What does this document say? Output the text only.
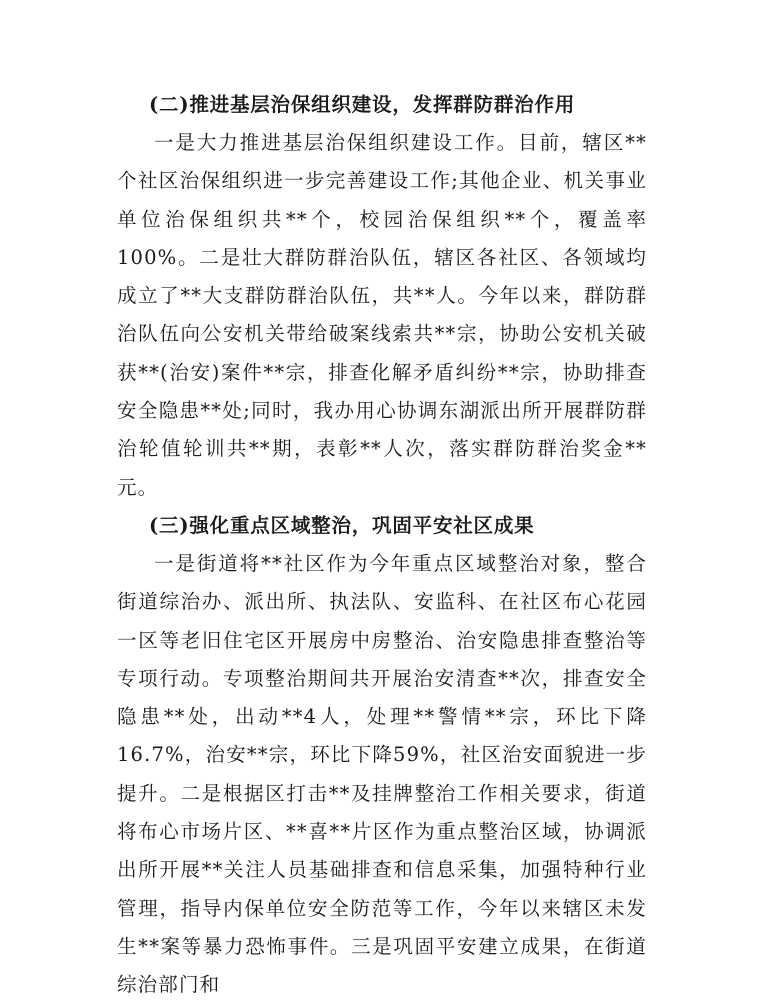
(二)推进基层治保组织建设，发挥群防群治作用

一是大力推进基层治保组织建设工作。目前，辖区**个社区治保组织进一步完善建设工作;其他企业、机关事业单位治保组织共**个，校园治保组织**个，覆盖率100%。二是壮大群防群治队伍，辖区各社区、各领域均成立了**大支群防群治队伍，共**人。今年以来，群防群治队伍向公安机关带给破案线索共**宗，协助公安机关破获**(治安)案件**宗，排查化解矛盾纠纷**宗，协助排查安全隐患**处;同时，我办用心协调东湖派出所开展群防群治轮值轮训共**期，表彰**人次，落实群防群治奖金**元。

(三)强化重点区域整治，巩固平安社区成果

一是街道将**社区作为今年重点区域整治对象，整合街道综治办、派出所、执法队、安监科、在社区布心花园一区等老旧住宅区开展房中房整治、治安隐患排查整治等专项行动。专项整治期间共开展治安清查**次，排查安全隐患**处，出动**4人，处理**警情**宗，环比下降16.7%，治安**宗，环比下降59%，社区治安面貌进一步提升。二是根据区打击**及挂牌整治工作相关要求，街道将布心市场片区、**喜**片区作为重点整治区域，协调派出所开展**关注人员基础排查和信息采集，加强特种行业管理，指导内保单位安全防范等工作，今年以来辖区未发生**案等暴力恐怖事件。三是巩固平安建立成果，在街道综治部门和
